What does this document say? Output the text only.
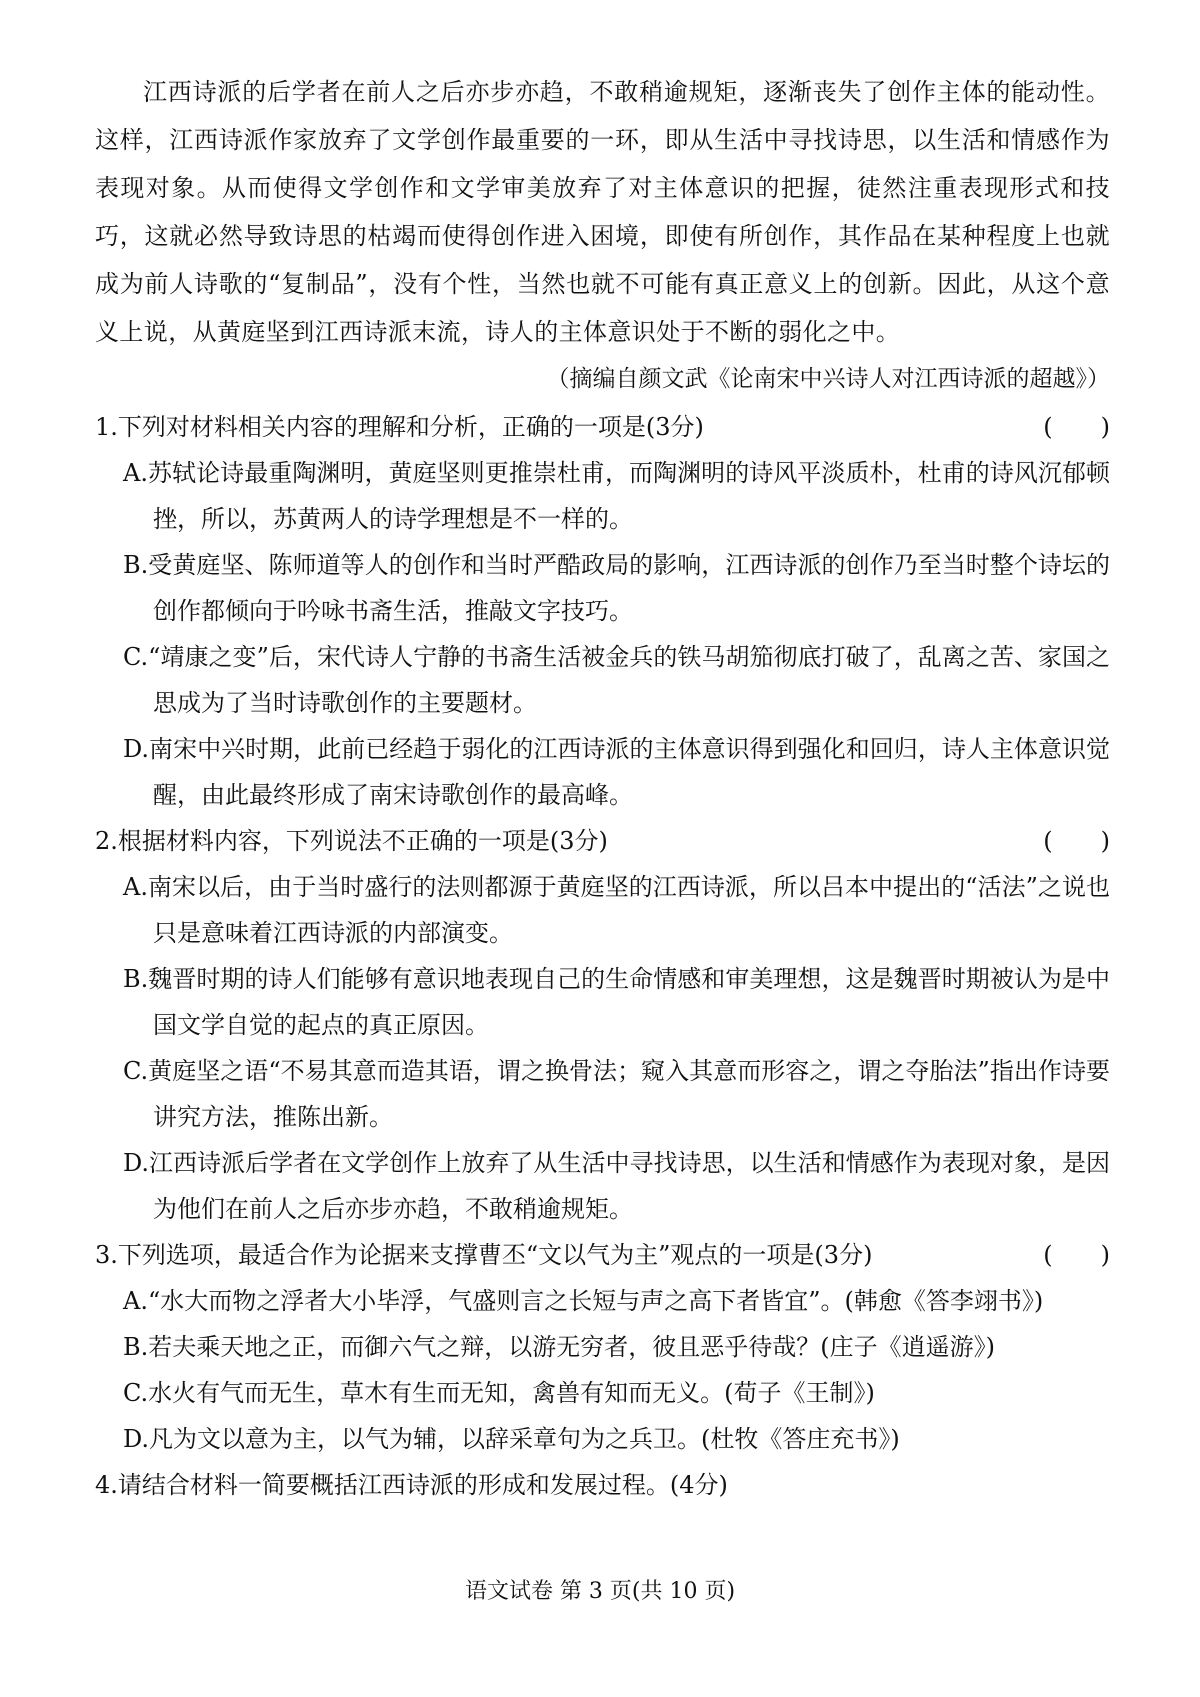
江西诗派的后学者在前人之后亦步亦趋，不敢稍逾规矩，逐渐丧失了创作主体的能动性。这样，江西诗派作家放弃了文学创作最重要的一环，即从生活中寻找诗思，以生活和情感作为表现对象。从而使得文学创作和文学审美放弃了对主体意识的把握，徒然注重表现形式和技巧，这就必然导致诗思的枯竭而使得创作进入困境，即使有所创作，其作品在某种程度上也就成为前人诗歌的“复制品”，没有个性，当然也就不可能有真正意义上的创新。因此，从这个意义上说，从黄庭坚到江西诗派末流，诗人的主体意识处于不断的弱化之中。

（摘编自颜文武《论南宋中兴诗人对江西诗派的超越》）

1.下列对材料相关内容的理解和分析，正确的一项是(3分)	(　　)

A.苏轼论诗最重陶渊明，黄庭坚则更推崇杜甫，而陶渊明的诗风平淡质朴，杜甫的诗风沉郁顿挫，所以，苏黄两人的诗学理想是不一样的。

B.受黄庭坚、陈师道等人的创作和当时严酷政局的影响，江西诗派的创作乃至当时整个诗坛的创作都倾向于吟咏书斋生活，推敲文字技巧。

C.“靖康之变”后，宋代诗人宁静的书斋生活被金兵的铁马胡笳彻底打破了，乱离之苦、家国之思成为了当时诗歌创作的主要题材。

D.南宋中兴时期，此前已经趋于弱化的江西诗派的主体意识得到强化和回归，诗人主体意识觉醒，由此最终形成了南宋诗歌创作的最高峰。

2.根据材料内容，下列说法不正确的一项是(3分)	(　　)

A.南宋以后，由于当时盛行的法则都源于黄庭坚的江西诗派，所以吕本中提出的“活法”之说也只是意味着江西诗派的内部演变。

B.魏晋时期的诗人们能够有意识地表现自己的生命情感和审美理想，这是魏晋时期被认为是中国文学自觉的起点的真正原因。

C.黄庭坚之语“不易其意而造其语，谓之换骨法；窥入其意而形容之，谓之夺胎法”指出作诗要讲究方法，推陈出新。

D.江西诗派后学者在文学创作上放弃了从生活中寻找诗思，以生活和情感作为表现对象，是因为他们在前人之后亦步亦趋，不敢稍逾规矩。

3.下列选项，最适合作为论据来支撑曹丕“文以气为主”观点的一项是(3分)	(　　)

A.“水大而物之浮者大小毕浮，气盛则言之长短与声之高下者皆宜”。(韩愈《答李翊书》)

B.若夫乘天地之正，而御六气之辩，以游无穷者，彼且恶乎待哉？(庄子《逍遥游》)

C.水火有气而无生，草木有生而无知，禽兽有知而无义。(荀子《王制》)

D.凡为文以意为主，以气为辅，以辞采章句为之兵卫。(杜牧《答庄充书》)

4.请结合材料一简要概括江西诗派的形成和发展过程。(4分)
语文试卷 第 3 页(共 10 页)
